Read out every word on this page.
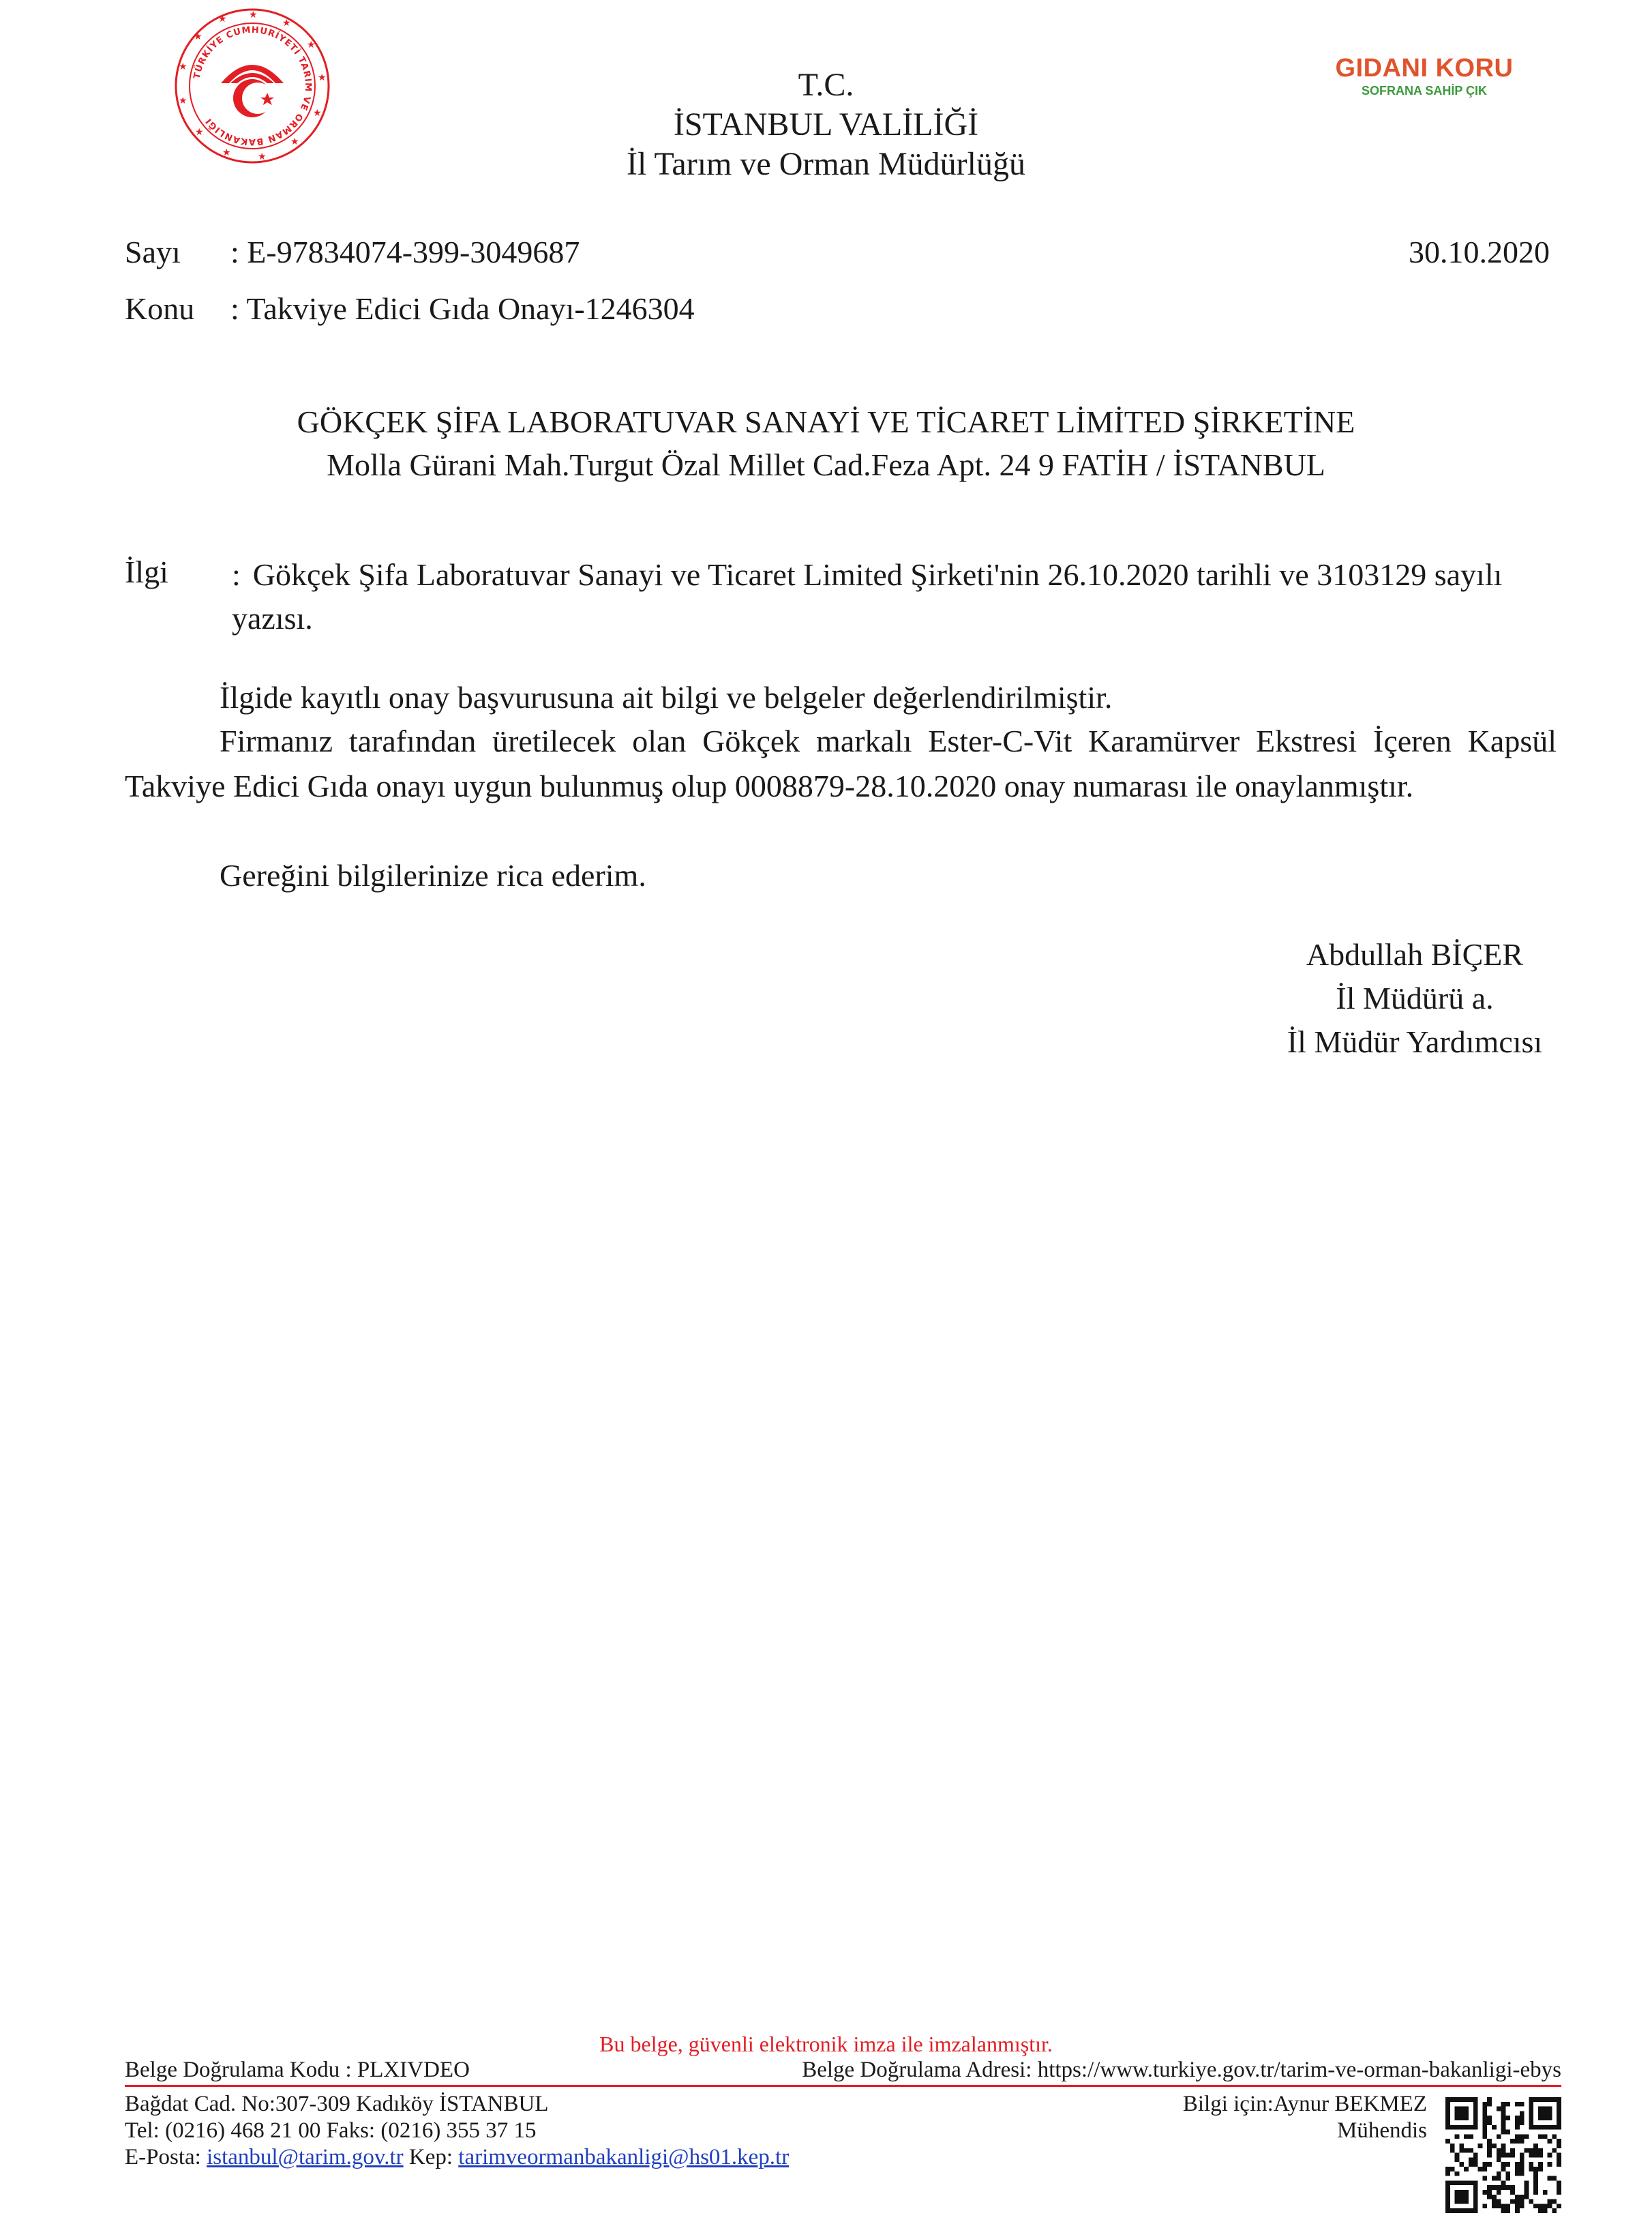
★
★
★
★
★
★
★
★
★
★
★
★
★
TÜRKİYE CUMHURİYETİ TARIM VE ORMAN BAKANLIĞI
T.C.
İSTANBUL VALİLİĞİ
İl Tarım ve Orman Müdürlüğü
GIDANI KORU
SOFRANA SAHİP ÇIK
Sayı : E-97834074-399-3049687	30.10.2020
Konu : Takviye Edici Gıda Onayı-1246304
GÖKÇEK ŞİFA LABORATUVAR SANAYİ VE TİCARET LİMİTED ŞİRKETİNE
Molla Gürani Mah.Turgut Özal Millet Cad.Feza Apt. 24 9 FATİH / İSTANBUL
İlgi : Gökçek Şifa Laboratuvar Sanayi ve Ticaret Limited Şirketi'nin 26.10.2020 tarihli ve 3103129 sayılı yazısı.
İlgide kayıtlı onay başvurusuna ait bilgi ve belgeler değerlendirilmiştir.
Firmanız tarafından üretilecek olan Gökçek markalı Ester-C-Vit Karamürver Ekstresi İçeren Kapsül Takviye Edici Gıda onayı uygun bulunmuş olup 0008879-28.10.2020 onay numarası ile onaylanmıştır.
Gereğini bilgilerinize rica ederim.
Abdullah BİÇER
İl Müdürü a.
İl Müdür Yardımcısı
Bu belge, güvenli elektronik imza ile imzalanmıştır.
Belge Doğrulama Kodu : PLXIVDEO	Belge Doğrulama Adresi: https://www.turkiye.gov.tr/tarim-ve-orman-bakanligi-ebys
Bağdat Cad. No:307-309 Kadıköy İSTANBUL
Tel: (0216) 468 21 00 Faks: (0216) 355 37 15
E-Posta: istanbul@tarim.gov.tr Kep: tarimveormanbakanligi@hs01.kep.tr
Bilgi için:Aynur BEKMEZ
Mühendis
